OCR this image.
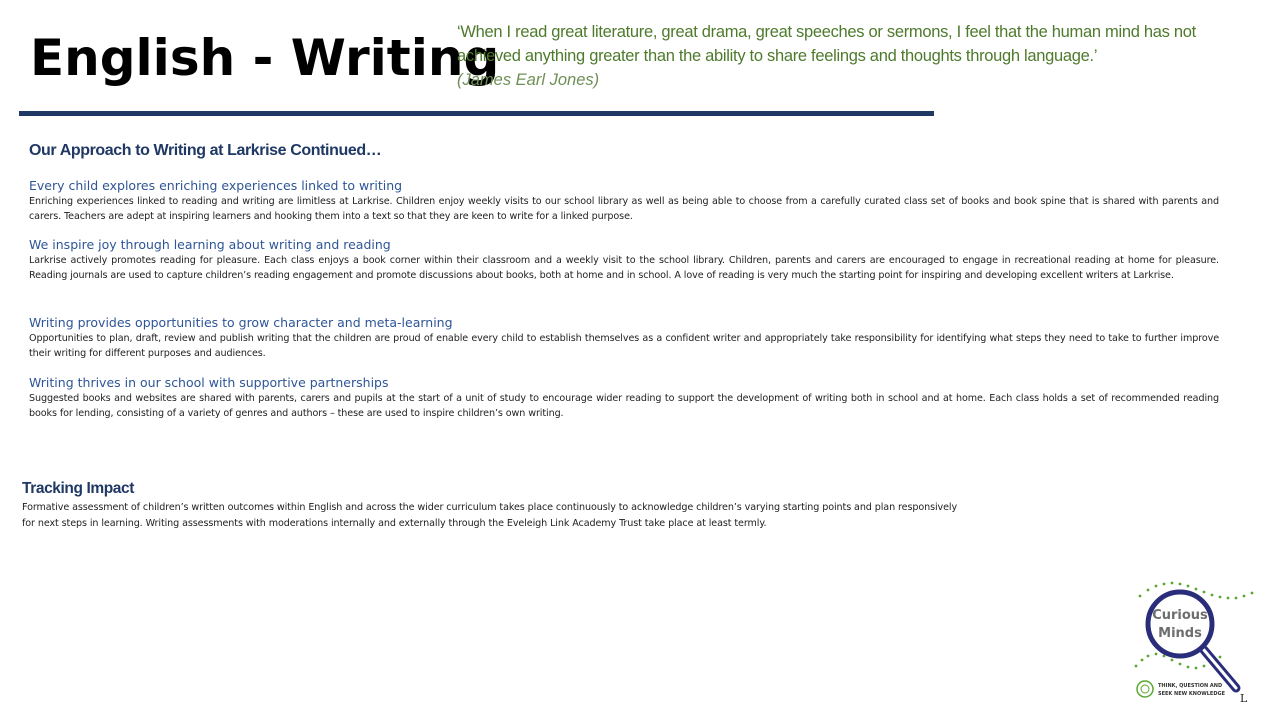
English - Writing
‘When I read great literature, great drama, great speeches or sermons, I feel that the human mind has not achieved anything greater than the ability to share feelings and thoughts through language.’
(James Earl Jones)
Our Approach to Writing at Larkrise Continued…
Every child explores enriching experiences linked to writing

Enriching experiences linked to reading and writing are limitless at Larkrise. Children enjoy weekly visits to our school library as well as being able to choose from a carefully curated class set of books and book spine that is shared with parents and carers. Teachers are adept at inspiring learners and hooking them into a text so that they are keen to write for a linked purpose.

We inspire joy through learning about writing and reading

Larkrise actively promotes reading for pleasure. Each class enjoys a book corner within their classroom and a weekly visit to the school library. Children, parents and carers are encouraged to engage in recreational reading at home for pleasure. Reading journals are used to capture children’s reading engagement and promote discussions about books, both at home and in school. A love of reading is very much the starting point for inspiring and developing excellent writers at Larkrise.

Writing provides opportunities to grow character and meta-learning

Opportunities to plan, draft, review and publish writing that the children are proud of enable every child to establish themselves as a confident writer and appropriately take responsibility for identifying what steps they need to take to further improve their writing for different purposes and audiences.

Writing thrives in our school with supportive partnerships

Suggested books and websites are shared with parents, carers and pupils at the start of a unit of study to encourage wider reading to support the development of writing both in school and at home. Each class holds a set of recommended reading books for lending, consisting of a variety of genres and authors – these are used to inspire children’s own writing.

Tracking Impact

Formative assessment of children’s written outcomes within English and across the wider curriculum takes place continuously to acknowledge children’s varying starting points and plan responsively

for next steps in learning. Writing assessments with moderations internally and externally through the Eveleigh Link Academy Trust take place at least termly.

Curious
Minds
THINK, QUESTION AND
SEEK NEW KNOWLEDGE L
